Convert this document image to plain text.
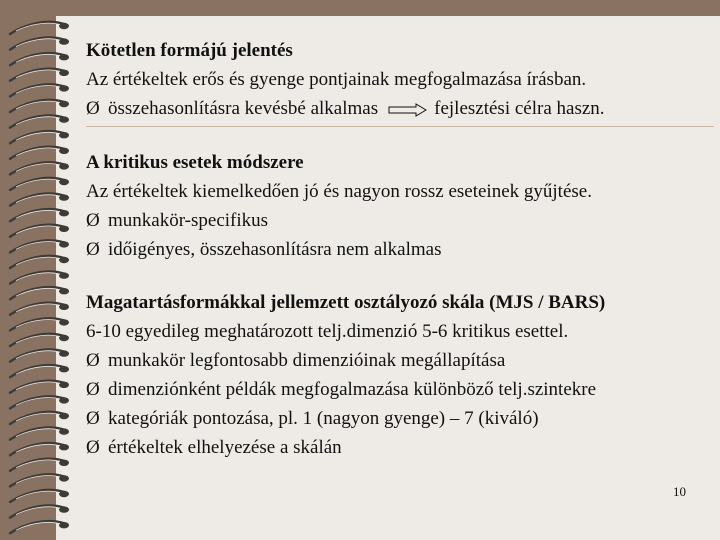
Kötetlen formájú jelentés
Az értékeltek erős és gyenge pontjainak megfogalmazása írásban.
Ø összehasonlításra kevésbé alkalmas	fejlesztési célra haszn.
A kritikus esetek módszere
Az értékeltek kiemelkedően jó és nagyon rossz eseteinek gyűjtése.
Ø munkakör-specifikus
Ø időigényes, összehasonlításra nem alkalmas
Magatartásformákkal jellemzett osztályozó skála (MJS / BARS)
6-10 egyedileg meghatározott telj.dimenzió 5-6 kritikus esettel.
Ø munkakör legfontosabb dimenzióinak megállapítása
Ø dimenziónként példák megfogalmazása különböző telj.szintekre
Ø kategóriák pontozása, pl. 1 (nagyon gyenge) – 7 (kiváló)
Ø értékeltek elhelyezése a skálán
10
